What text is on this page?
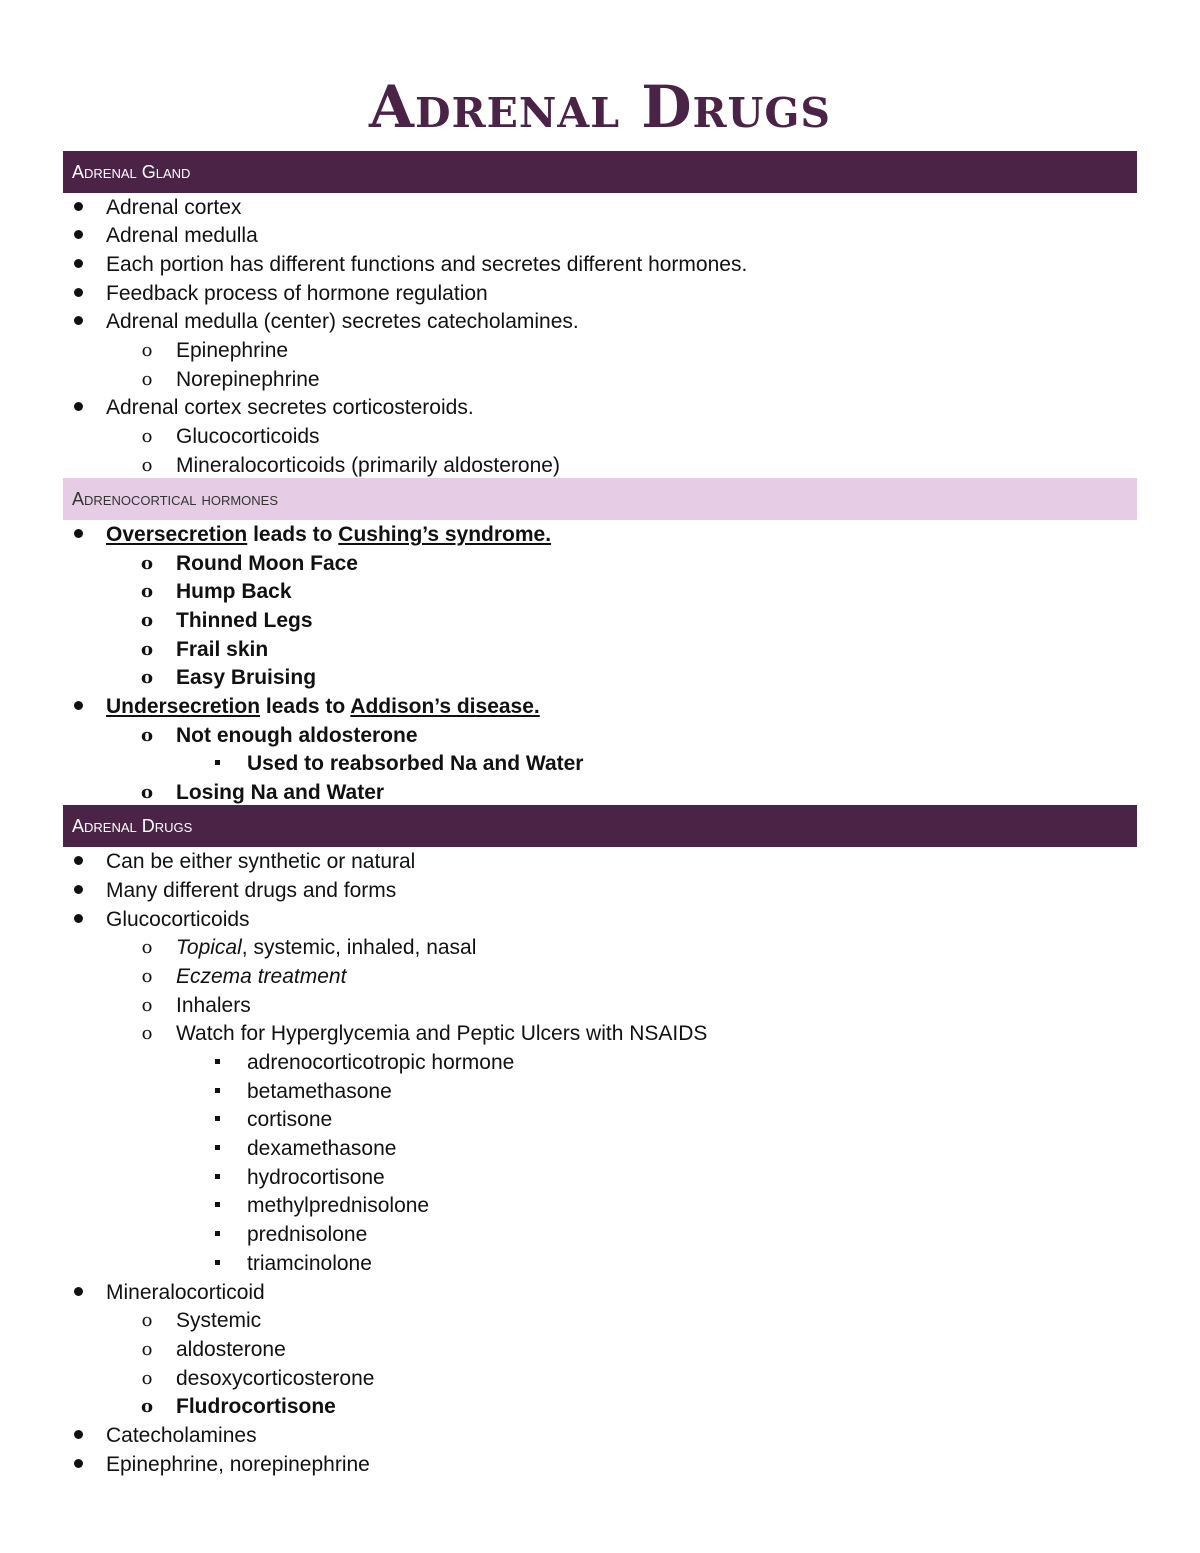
Adrenal Drugs
Adrenal Gland
Adrenal cortex
Adrenal medulla
Each portion has different functions and secretes different hormones.
Feedback process of hormone regulation
Adrenal medulla (center) secretes catecholamines.
o	Epinephrine
o	Norepinephrine
Adrenal cortex secretes corticosteroids.
o	Glucocorticoids
o	Mineralocorticoids (primarily aldosterone)
Adrenocortical hormones
Oversecretion leads to Cushing’s syndrome.
o	Round Moon Face
o	Hump Back
o	Thinned Legs
o	Frail skin
o	Easy Bruising
Undersecretion leads to Addison’s disease.
o	Not enough aldosterone
Used to reabsorbed Na and Water
o	Losing Na and Water
Adrenal Drugs
Can be either synthetic or natural
Many different drugs and forms
Glucocorticoids
o	Topical, systemic, inhaled, nasal
o	Eczema treatment
o	Inhalers
o	Watch for Hyperglycemia and Peptic Ulcers with NSAIDS
adrenocorticotropic hormone
betamethasone
cortisone
dexamethasone
hydrocortisone
methylprednisolone
prednisolone
triamcinolone
Mineralocorticoid
o	Systemic
o	aldosterone
o	desoxycorticosterone
o	Fludrocortisone
Catecholamines
Epinephrine, norepinephrine
